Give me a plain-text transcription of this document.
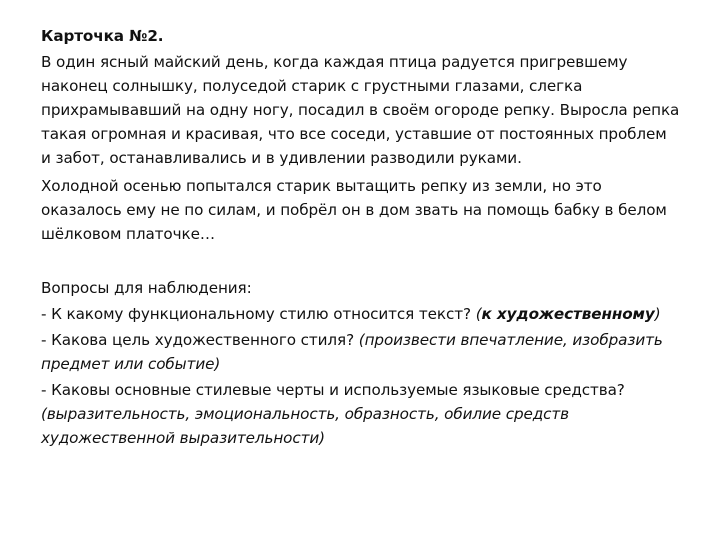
Карточка №2.

В один ясный майский день, когда каждая птица радуется пригревшему наконец солнышку, полуседой старик с грустными глазами, слегка прихрамывавший на одну ногу, посадил в своём огороде репку. Выросла репка такая огромная и красивая, что все соседи, уставшие от постоянных проблем и забот, останавливались и в удивлении разводили руками.

Холодной осенью попытался старик вытащить репку из земли, но это оказалось ему не по силам, и побрёл он в дом звать на помощь бабку в белом шёлковом платочке…

Вопросы для наблюдения:

- К какому функциональному стилю относится текст? (к художественному)

- Какова цель художественного стиля? (произвести впечатление, изобразить предмет или событие)

- Каковы основные стилевые черты и используемые языковые средства? (выразительность, эмоциональность, образность, обилие средств художественной выразительности)
